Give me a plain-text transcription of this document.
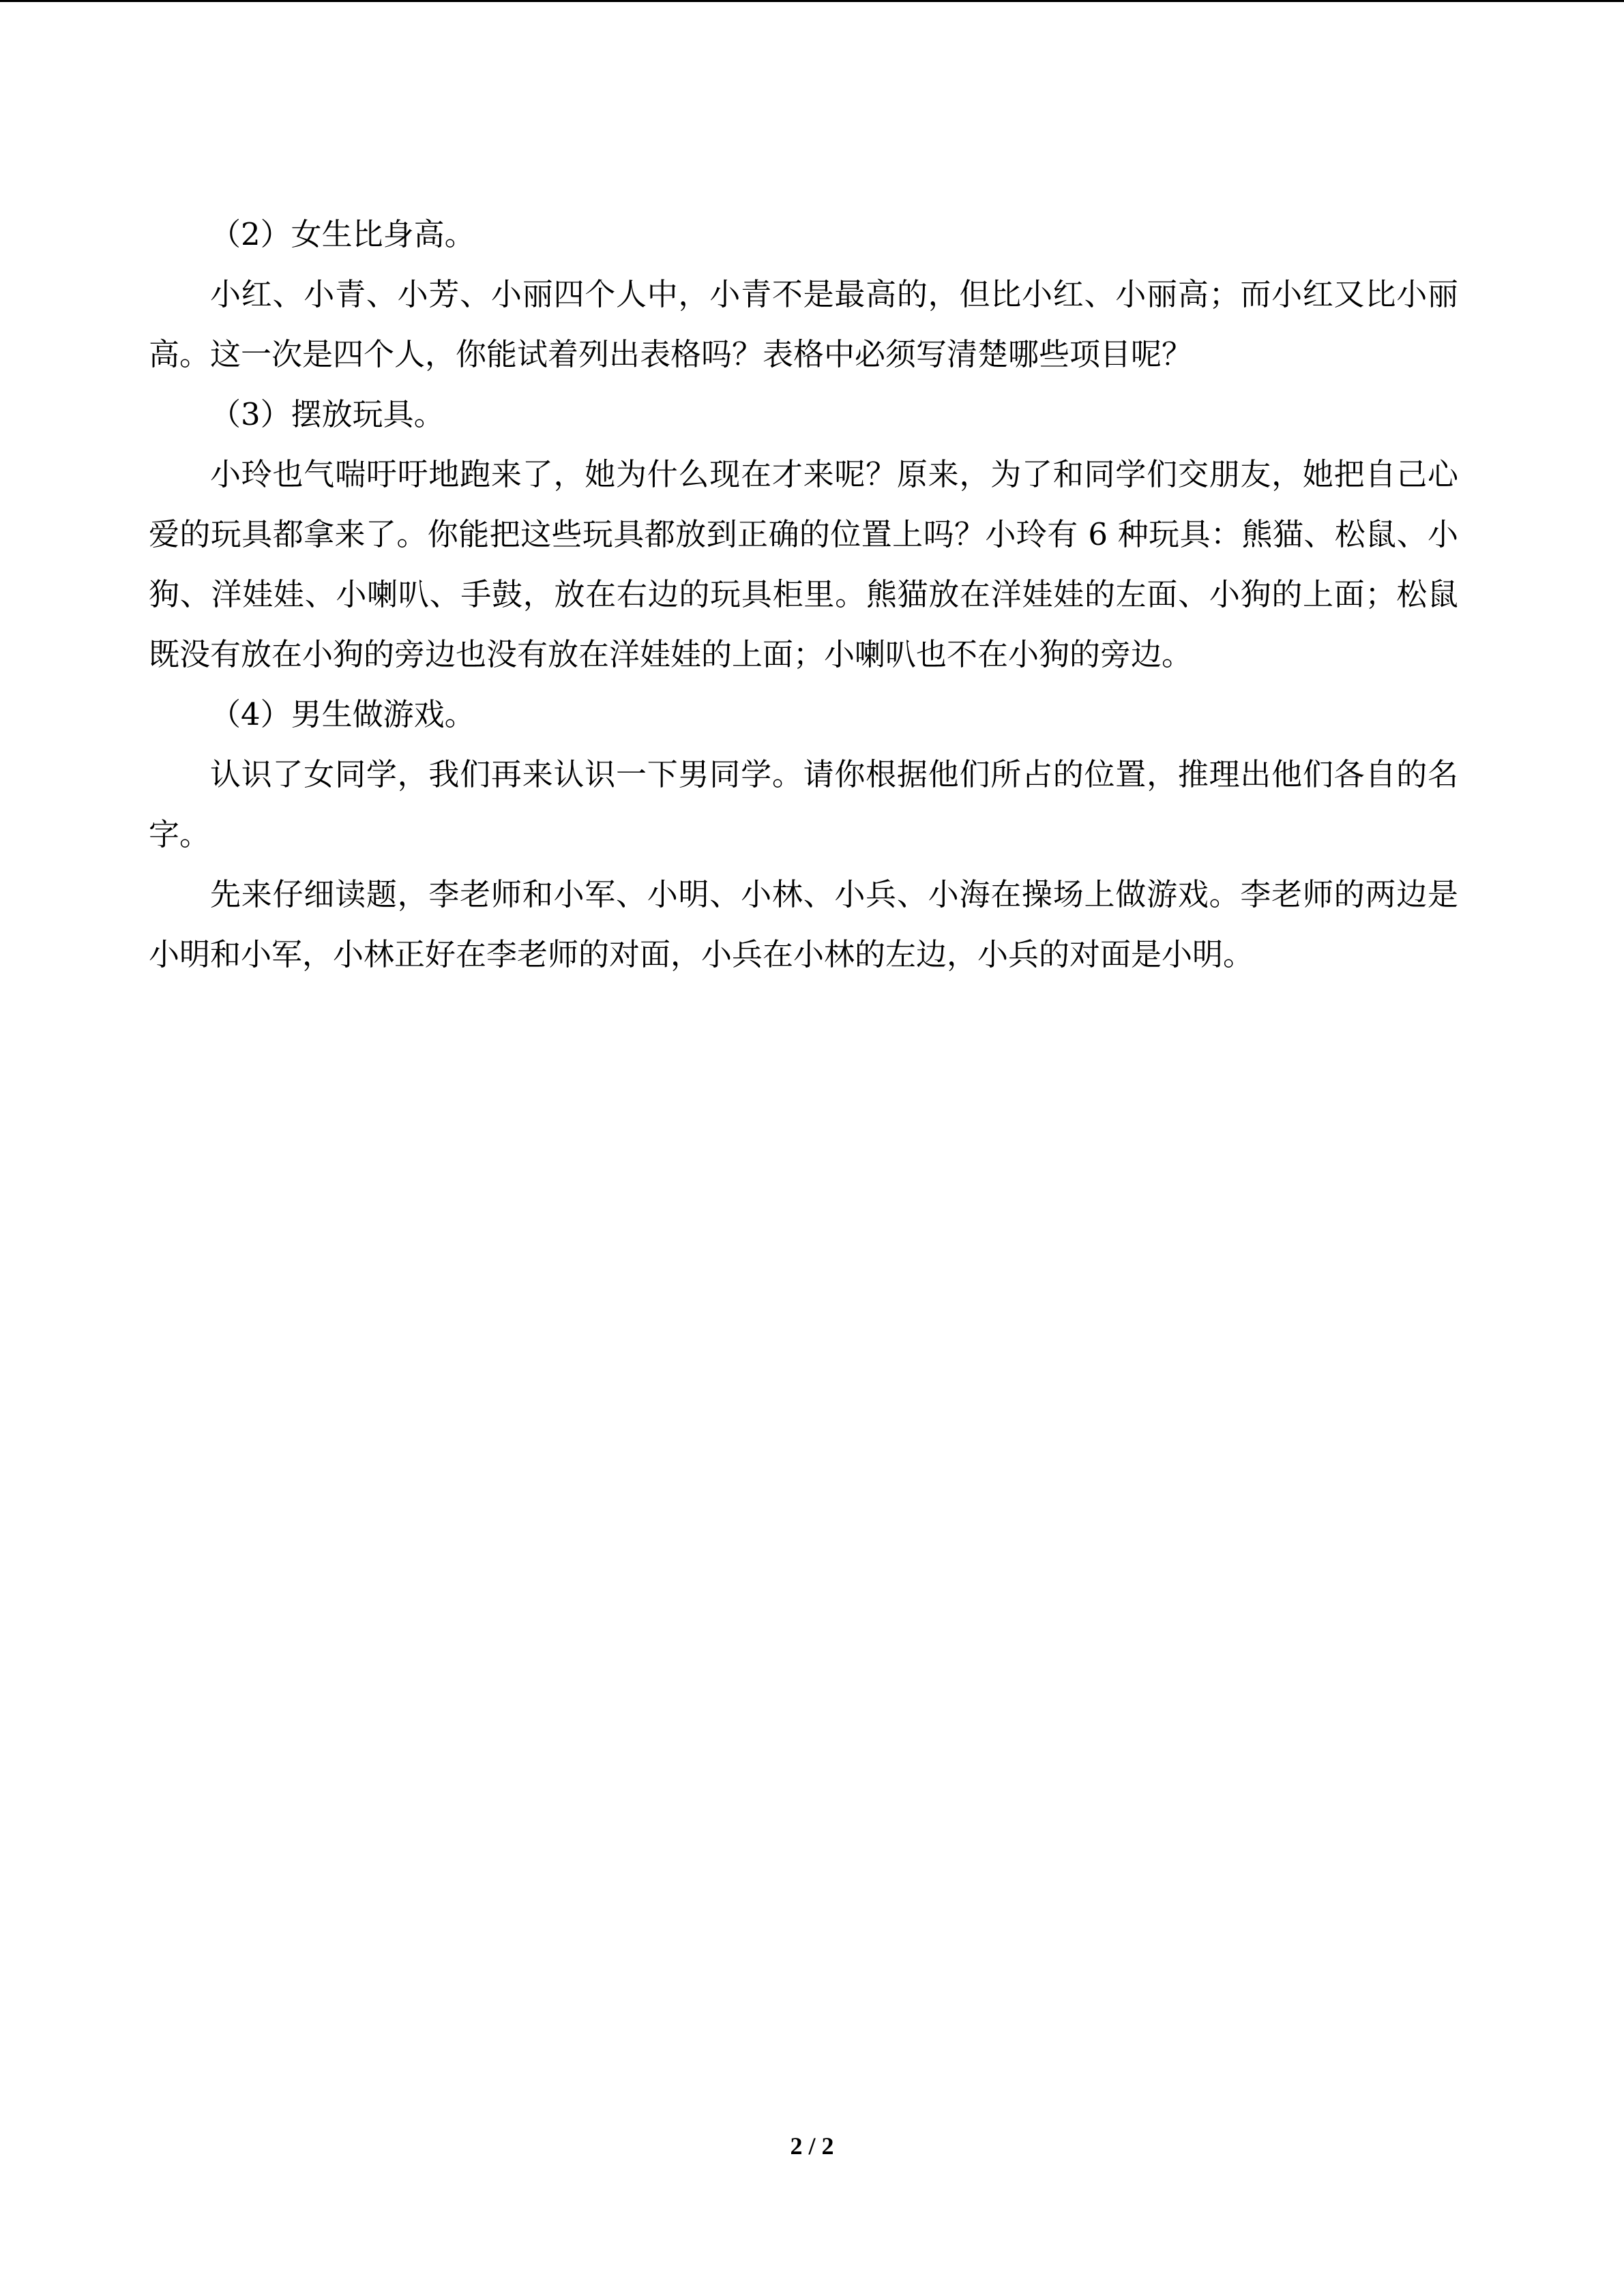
（2）女生比身高。

小红、小青、小芳、小丽四个人中，小青不是最高的，但比小红、小丽高；而小红又比小丽高。这一次是四个人，你能试着列出表格吗？表格中必须写清楚哪些项目呢？

（3）摆放玩具。

小玲也气喘吁吁地跑来了，她为什么现在才来呢？原来，为了和同学们交朋友，她把自己心爱的玩具都拿来了。你能把这些玩具都放到正确的位置上吗？小玲有 6 种玩具：熊猫、松鼠、小狗、洋娃娃、小喇叭、手鼓，放在右边的玩具柜里。熊猫放在洋娃娃的左面、小狗的上面；松鼠既没有放在小狗的旁边也没有放在洋娃娃的上面；小喇叭也不在小狗的旁边。

（4）男生做游戏。

认识了女同学，我们再来认识一下男同学。请你根据他们所占的位置，推理出他们各自的名字。

先来仔细读题，李老师和小军、小明、小林、小兵、小海在操场上做游戏。李老师的两边是小明和小军，小林正好在李老师的对面，小兵在小林的左边，小兵的对面是小明。

2 / 2
